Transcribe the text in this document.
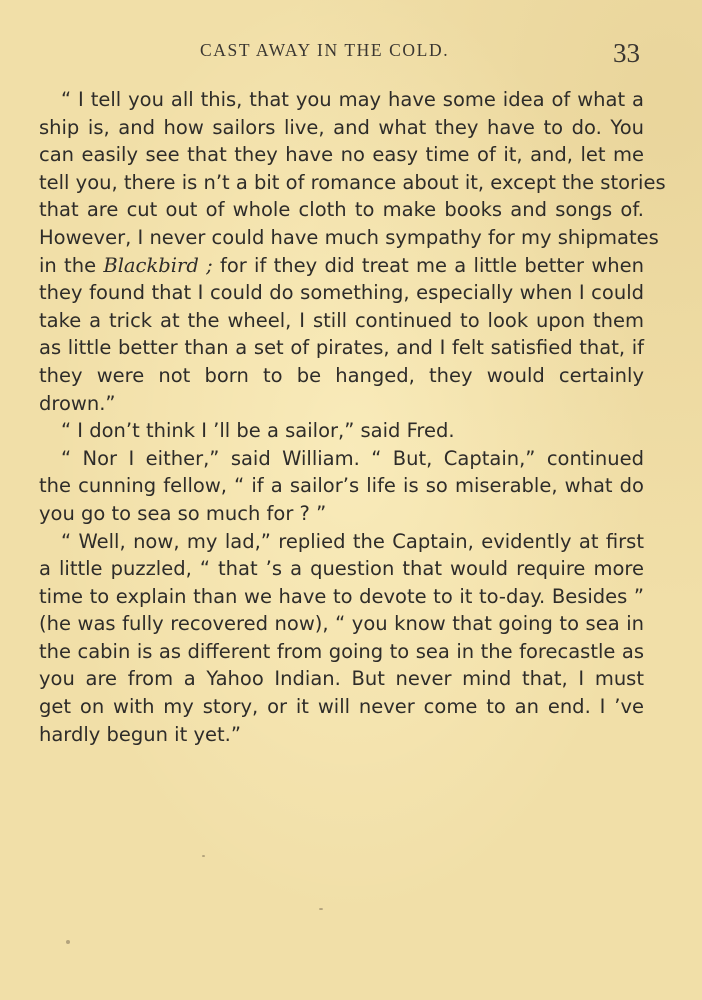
CAST AWAY IN THE COLD.	33
“ I tell you all this, that you may have some idea of what a
ship is, and how sailors live, and what they have to do. You
can easily see that they have no easy time of it, and, let me
tell you, there is n’t a bit of romance about it, except the stories
that are cut out of whole cloth to make books and songs of.
However, I never could have much sympathy for my shipmates
in the Blackbird ; for if they did treat me a little better when
they found that I could do something, especially when I could
take a trick at the wheel, I still continued to look upon them
as little better than a set of pirates, and I felt satisfied that, if
they were not born to be hanged, they would certainly
drown.”
“ I don’t think I ’ll be a sailor,” said Fred.
“ Nor I either,” said William. “ But, Captain,” continued
the cunning fellow, “ if a sailor’s life is so miserable, what do
you go to sea so much for ? ”
“ Well, now, my lad,” replied the Captain, evidently at first
a little puzzled, “ that ’s a question that would require more
time to explain than we have to devote to it to-day. Besides ”
(he was fully recovered now), “ you know that going to sea in
the cabin is as different from going to sea in the forecastle as
you are from a Yahoo Indian. But never mind that, I must
get on with my story, or it will never come to an end. I ’ve
hardly begun it yet.”
